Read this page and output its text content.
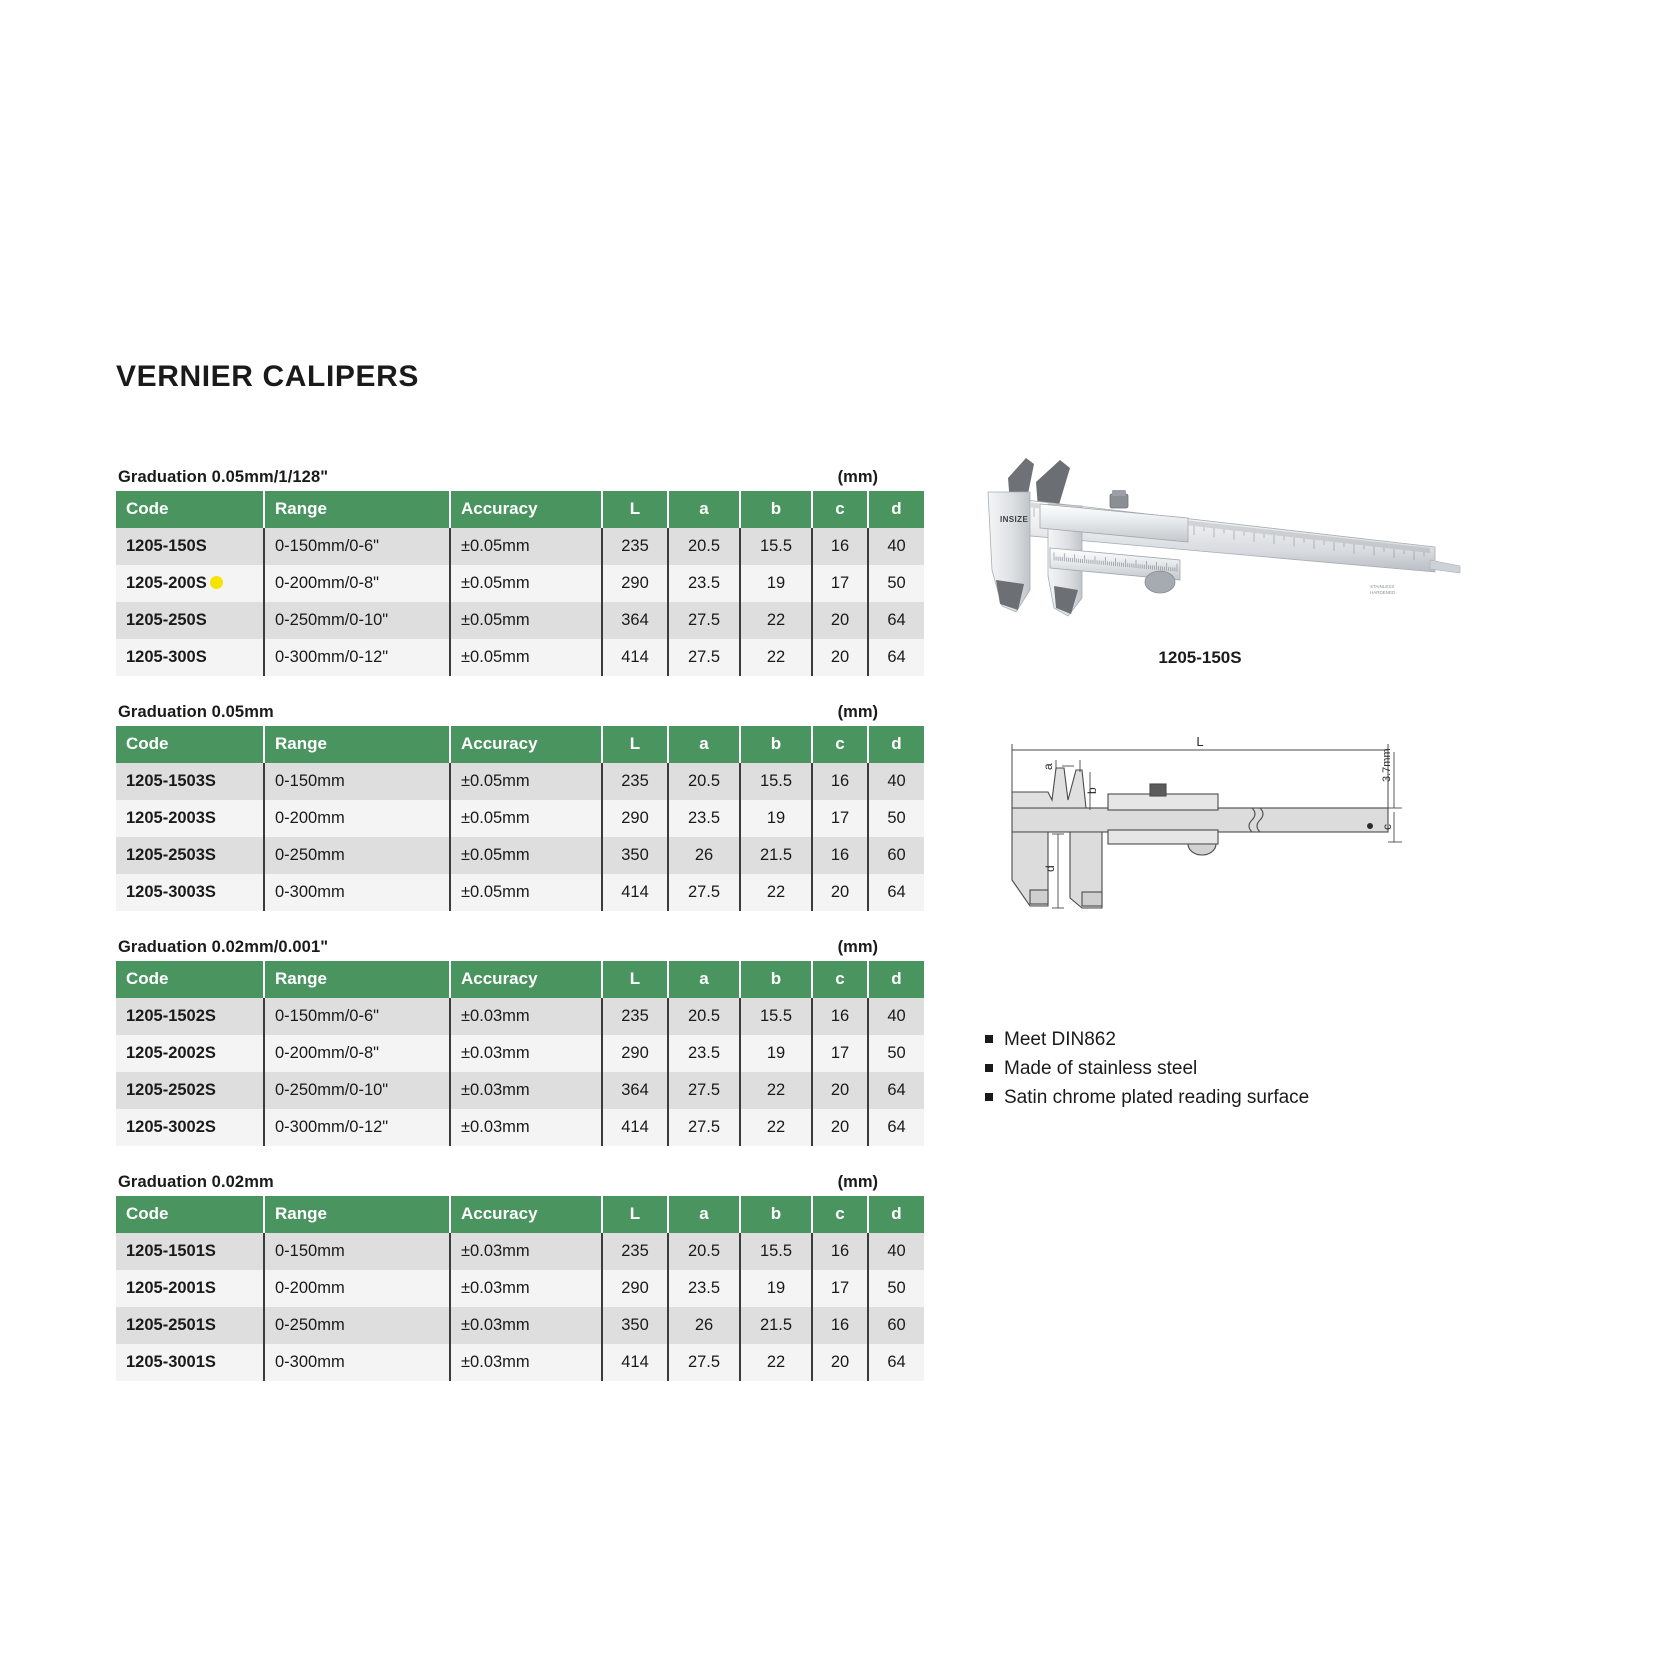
VERNIER CALIPERS
Graduation 0.05mm/1/128"	(mm)
Code	Range	Accuracy	L	a	b	c	d
1205-150S	0-150mm/0-6"	±0.05mm	235	20.5	15.5	16	40
1205-200S	0-200mm/0-8"	±0.05mm	290	23.5	19	17	50
1205-250S	0-250mm/0-10"	±0.05mm	364	27.5	22	20	64
1205-300S	0-300mm/0-12"	±0.05mm	414	27.5	22	20	64
Graduation 0.05mm	(mm)
Code	Range	Accuracy	L	a	b	c	d
1205-1503S	0-150mm	±0.05mm	235	20.5	15.5	16	40
1205-2003S	0-200mm	±0.05mm	290	23.5	19	17	50
1205-2503S	0-250mm	±0.05mm	350	26	21.5	16	60
1205-3003S	0-300mm	±0.05mm	414	27.5	22	20	64
Graduation 0.02mm/0.001"	(mm)
Code	Range	Accuracy	L	a	b	c	d
1205-1502S	0-150mm/0-6"	±0.03mm	235	20.5	15.5	16	40
1205-2002S	0-200mm/0-8"	±0.03mm	290	23.5	19	17	50
1205-2502S	0-250mm/0-10"	±0.03mm	364	27.5	22	20	64
1205-3002S	0-300mm/0-12"	±0.03mm	414	27.5	22	20	64
Graduation 0.02mm	(mm)
Code	Range	Accuracy	L	a	b	c	d
1205-1501S	0-150mm	±0.03mm	235	20.5	15.5	16	40
1205-2001S	0-200mm	±0.03mm	290	23.5	19	17	50
1205-2501S	0-250mm	±0.03mm	350	26	21.5	16	60
1205-3001S	0-300mm	±0.03mm	414	27.5	22	20	64
INSIZE
STAINLESS
HARDENED
1205-150S
L
a
b
d
3.7mm
c
Meet DIN862
Made of stainless steel
Satin chrome plated reading surface
